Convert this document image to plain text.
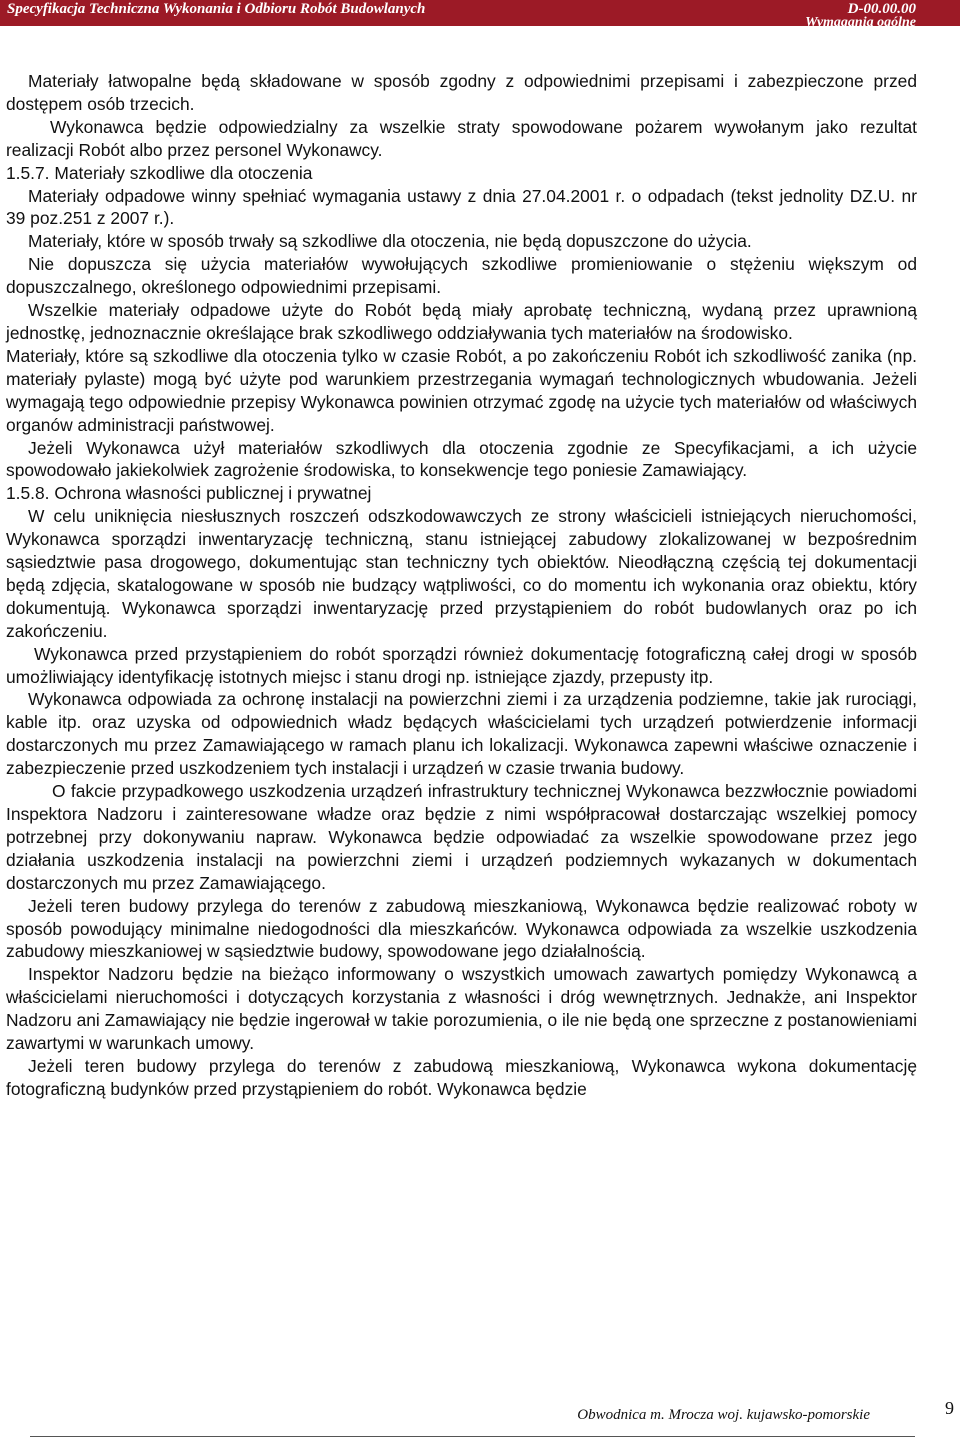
Specyfikacja Techniczna Wykonania i Odbioru Robót Budowlanych	D-00.00.00
Wymagania ogólne

Materiały łatwopalne będą składowane w sposób zgodny z odpowiednimi przepisami i zabezpieczone przed dostępem osób trzecich.

Wykonawca będzie odpowiedzialny za wszelkie straty spowodowane pożarem wywołanym jako rezultat realizacji Robót albo przez personel Wykonawcy.

1.5.7. Materiały szkodliwe dla otoczenia

Materiały odpadowe winny spełniać wymagania ustawy z dnia 27.04.2001 r. o odpadach (tekst jednolity DZ.U. nr 39 poz.251 z 2007 r.).

Materiały, które w sposób trwały są szkodliwe dla otoczenia, nie będą dopuszczone do użycia.

Nie dopuszcza się użycia materiałów wywołujących szkodliwe promieniowanie o stężeniu większym od dopuszczalnego, określonego odpowiednimi przepisami.

Wszelkie materiały odpadowe użyte do Robót będą miały aprobatę techniczną, wydaną przez uprawnioną jednostkę, jednoznacznie określające brak szkodliwego oddziaływania tych materiałów na środowisko.

Materiały, które są szkodliwe dla otoczenia tylko w czasie Robót, a po zakończeniu Robót ich szkodliwość zanika (np. materiały pylaste) mogą być użyte pod warunkiem przestrzegania wymagań technologicznych wbudowania. Jeżeli wymagają tego odpowiednie przepisy Wykonawca powinien otrzymać zgodę na użycie tych materiałów od właściwych organów administracji państwowej.

Jeżeli Wykonawca użył materiałów szkodliwych dla otoczenia zgodnie ze Specyfikacjami, a ich użycie spowodowało jakiekolwiek zagrożenie środowiska, to konsekwencje tego poniesie Zamawiający.

1.5.8. Ochrona własności publicznej i prywatnej

W celu uniknięcia niesłusznych roszczeń odszkodowawczych ze strony właścicieli istniejących nieruchomości, Wykonawca sporządzi inwentaryzację techniczną, stanu istniejącej zabudowy zlokalizowanej w bezpośrednim sąsiedztwie pasa drogowego, dokumentując stan techniczny tych obiektów. Nieodłączną częścią tej dokumentacji będą zdjęcia, skatalogowane w sposób nie budzący wątpliwości, co do momentu ich wykonania oraz obiektu, który dokumentują. Wykonawca sporządzi inwentaryzację przed przystąpieniem do robót budowlanych oraz po ich zakończeniu.

Wykonawca przed przystąpieniem do robót sporządzi również dokumentację fotograficzną całej drogi w sposób umożliwiający identyfikację istotnych miejsc i stanu drogi np. istniejące zjazdy, przepusty itp.

Wykonawca odpowiada za ochronę instalacji na powierzchni ziemi i za urządzenia podziemne, takie jak rurociągi, kable itp. oraz uzyska od odpowiednich władz będących właścicielami tych urządzeń potwierdzenie informacji dostarczonych mu przez Zamawiającego w ramach planu ich lokalizacji. Wykonawca zapewni właściwe oznaczenie i zabezpieczenie przed uszkodzeniem tych instalacji i urządzeń w czasie trwania budowy.

O fakcie przypadkowego uszkodzenia urządzeń infrastruktury technicznej Wykonawca bezzwłocznie powiadomi Inspektora Nadzoru i zainteresowane władze oraz będzie z nimi współpracował dostarczając wszelkiej pomocy potrzebnej przy dokonywaniu napraw. Wykonawca będzie odpowiadać za wszelkie spowodowane przez jego działania uszkodzenia instalacji na powierzchni ziemi i urządzeń podziemnych wykazanych w dokumentach dostarczonych mu przez Zamawiającego.

Jeżeli teren budowy przylega do terenów z zabudową mieszkaniową, Wykonawca będzie realizować roboty w sposób powodujący minimalne niedogodności dla mieszkańców. Wykonawca odpowiada za wszelkie uszkodzenia zabudowy mieszkaniowej w sąsiedztwie budowy, spowodowane jego działalnością.

Inspektor Nadzoru będzie na bieżąco informowany o wszystkich umowach zawartych pomiędzy Wykonawcą a właścicielami nieruchomości i dotyczących korzystania z własności i dróg wewnętrznych. Jednakże, ani Inspektor Nadzoru ani Zamawiający nie będzie ingerował w takie porozumienia, o ile nie będą one sprzeczne z postanowieniami zawartymi w warunkach umowy.

Jeżeli teren budowy przylega do terenów z zabudową mieszkaniową, Wykonawca wykona dokumentację fotograficzną budynków przed przystąpieniem do robót. Wykonawca będzie

Obwodnica m. Mrocza woj. kujawsko-pomorskie	9
